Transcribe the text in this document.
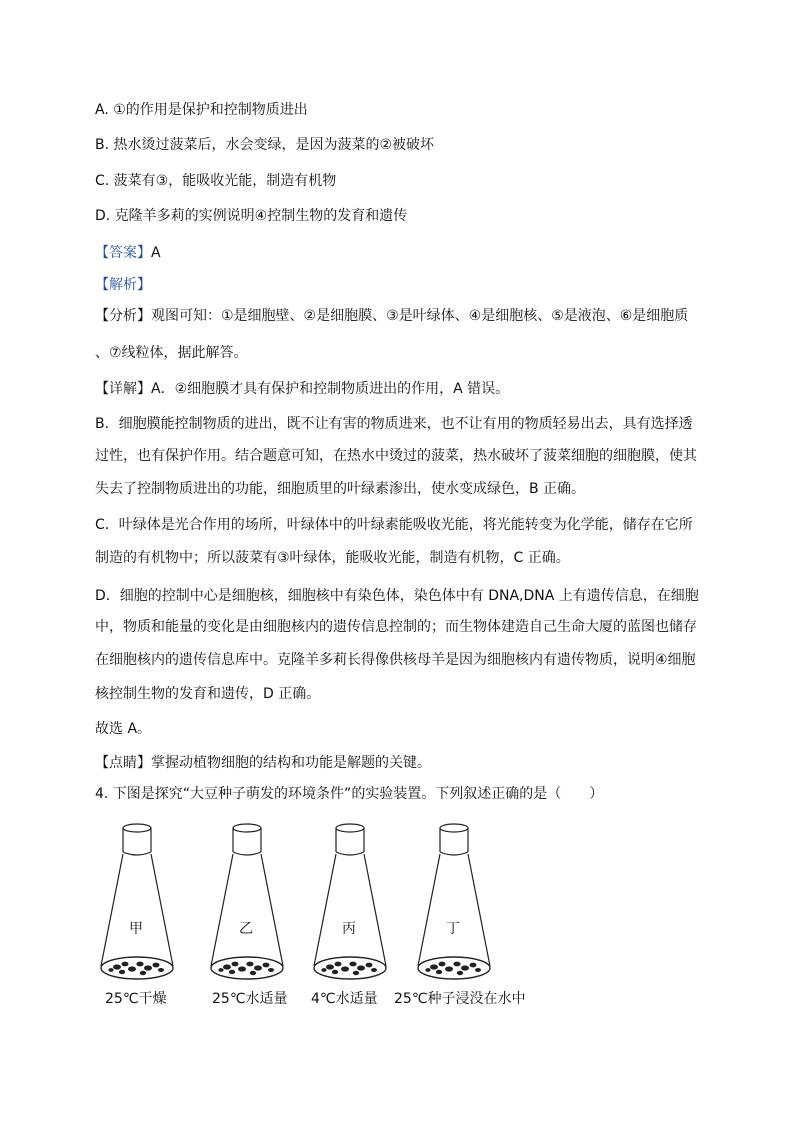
A. ①的作用是保护和控制物质进出
B. 热水烫过菠菜后，水会变绿，是因为菠菜的②被破坏
C. 菠菜有③，能吸收光能，制造有机物
D. 克隆羊多莉的实例说明④控制生物的发育和遗传
【答案】A
【解析】
【分析】观图可知：①是细胞壁、②是细胞膜、③是叶绿体、④是细胞核、⑤是液泡、⑥是细胞质
、⑦线粒体，据此解答。
【详解】A．②细胞膜才具有保护和控制物质进出的作用，A 错误。
B．细胞膜能控制物质的进出，既不让有害的物质进来，也不让有用的物质轻易出去，具有选择透
过性，也有保护作用。结合题意可知，在热水中烫过的菠菜，热水破坏了菠菜细胞的细胞膜，使其
失去了控制物质进出的功能，细胞质里的叶绿素渗出，使水变成绿色，B 正确。
C．叶绿体是光合作用的场所，叶绿体中的叶绿素能吸收光能，将光能转变为化学能，储存在它所
制造的有机物中；所以菠菜有③叶绿体，能吸收光能，制造有机物，C 正确。
D．细胞的控制中心是细胞核，细胞核中有染色体，染色体中有 DNA,DNA 上有遗传信息，在细胞
中，物质和能量的变化是由细胞核内的遗传信息控制的；而生物体建造自己生命大厦的蓝图也储存
在细胞核内的遗传信息库中。克隆羊多莉长得像供核母羊是因为细胞核内有遗传物质，说明④细胞
核控制生物的发育和遗传，D 正确。
故选 A。
【点睛】掌握动植物细胞的结构和功能是解题的关键。
4. 下图是探究“大豆种子萌发的环境条件”的实验装置。下列叙述正确的是（　　）
甲	乙	丙	丁
25℃干燥	25℃水适量 4℃水适量 25℃种子浸没在水中
